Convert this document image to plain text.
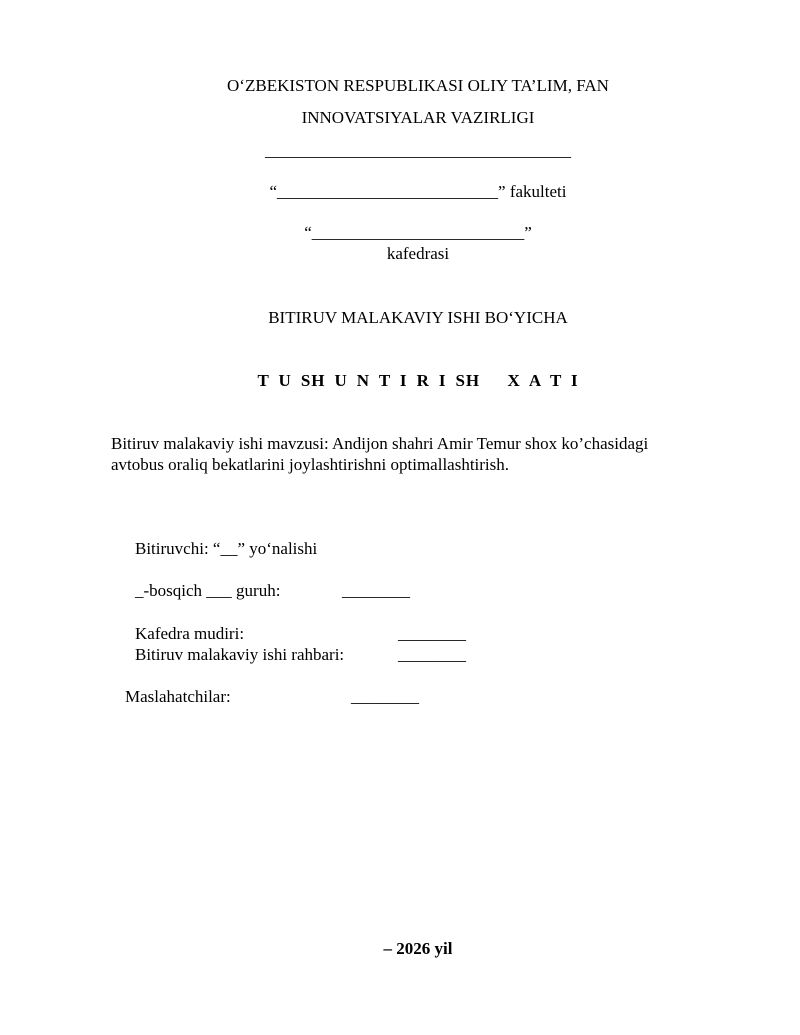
O‘ZBEKISTON RESPUBLIKASI OLIY TA’LIM, FAN
INNOVATSIYALAR VAZIRLIGI
____________________________________
“__________________________” fakulteti
“_________________________”
kafedrasi
BITIRUV MALAKAVIY ISHI BO‘YICHA
T U SH U N T I R I SH   X A T I
Bitiruv malakaviy ishi mavzusi: Andijon shahri Amir Temur shox ko’chasidagi
avtobus oraliq bekatlarini joylashtirishni optimallashtirish.
Bitiruvchi: “__” yo‘nalishi
_-bosqich ___ guruh:	________
Kafedra mudiri:	________
Bitiruv malakaviy ishi rahbari:	________
Maslahatchilar:	________
– 2026 yil
